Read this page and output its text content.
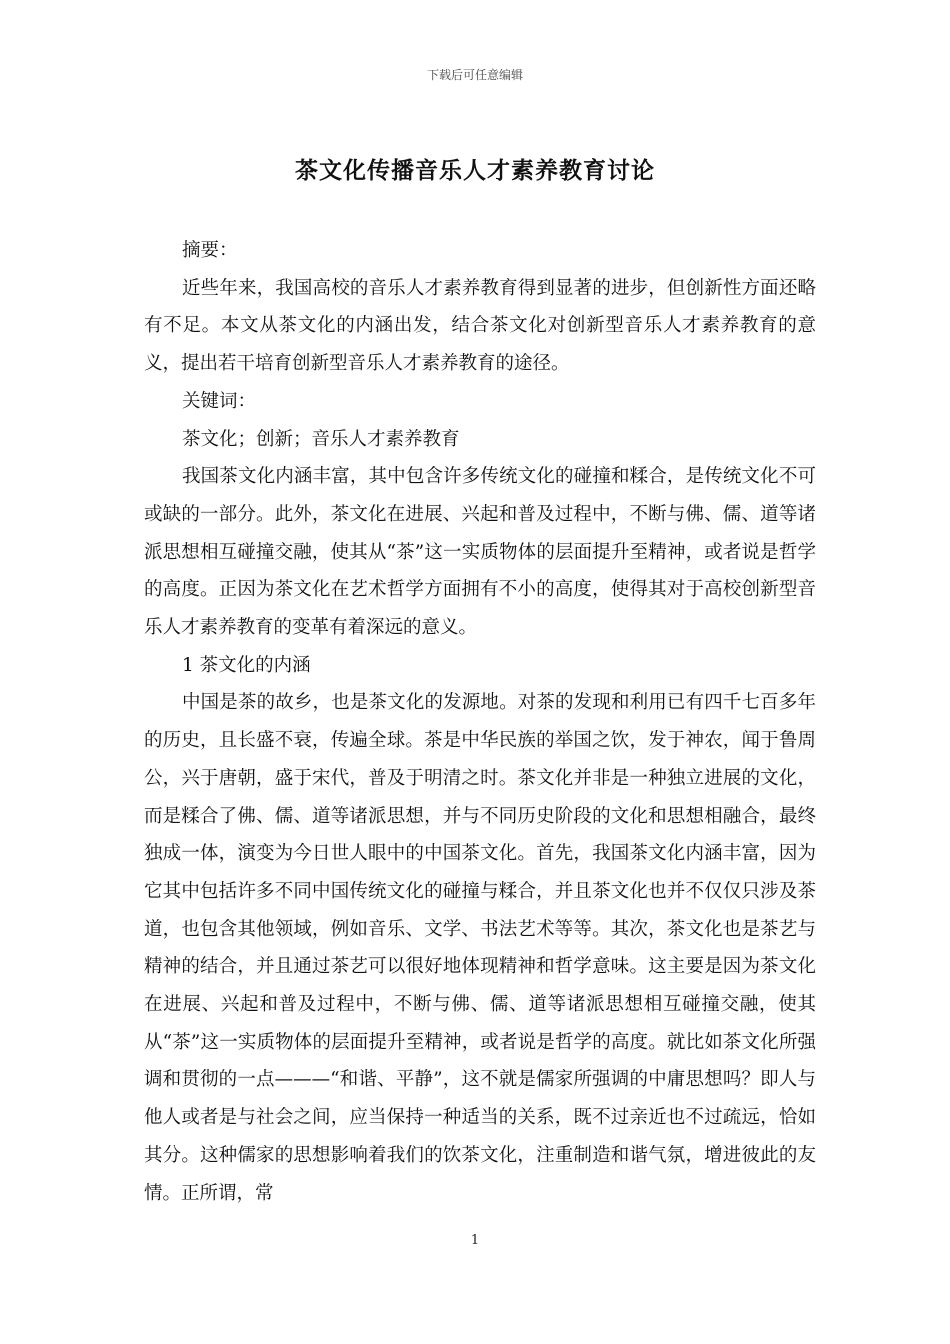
下载后可任意编辑
茶文化传播音乐人才素养教育讨论

摘要：

近些年来，我国高校的音乐人才素养教育得到显著的进步，但创新性方面还略有不足。本文从茶文化的内涵出发，结合茶文化对创新型音乐人才素养教育的意义，提出若干培育创新型音乐人才素养教育的途径。

关键词：

茶文化；创新；音乐人才素养教育

我国茶文化内涵丰富，其中包含许多传统文化的碰撞和糅合，是传统文化不可或缺的一部分。此外，茶文化在进展、兴起和普及过程中，不断与佛、儒、道等诸派思想相互碰撞交融，使其从“茶”这一实质物体的层面提升至精神，或者说是哲学的高度。正因为茶文化在艺术哲学方面拥有不小的高度，使得其对于高校创新型音乐人才素养教育的变革有着深远的意义。

1 茶文化的内涵

中国是茶的故乡，也是茶文化的发源地。对茶的发现和利用已有四千七百多年的历史，且长盛不衰，传遍全球。茶是中华民族的举国之饮，发于神农，闻于鲁周公，兴于唐朝，盛于宋代，普及于明清之时。茶文化并非是一种独立进展的文化，而是糅合了佛、儒、道等诸派思想，并与不同历史阶段的文化和思想相融合，最终独成一体，演变为今日世人眼中的中国茶文化。首先，我国茶文化内涵丰富，因为它其中包括许多不同中国传统文化的碰撞与糅合，并且茶文化也并不仅仅只涉及茶道，也包含其他领域，例如音乐、文学、书法艺术等等。其次，茶文化也是茶艺与精神的结合，并且通过茶艺可以很好地体现精神和哲学意味。这主要是因为茶文化在进展、兴起和普及过程中，不断与佛、儒、道等诸派思想相互碰撞交融，使其从“茶”这一实质物体的层面提升至精神，或者说是哲学的高度。就比如茶文化所强调和贯彻的一点———“和谐、平静”，这不就是儒家所强调的中庸思想吗？即人与他人或者是与社会之间，应当保持一种适当的关系，既不过亲近也不过疏远，恰如其分。这种儒家的思想影响着我们的饮茶文化，注重制造和谐气氛，增进彼此的友情。正所谓，常

1
